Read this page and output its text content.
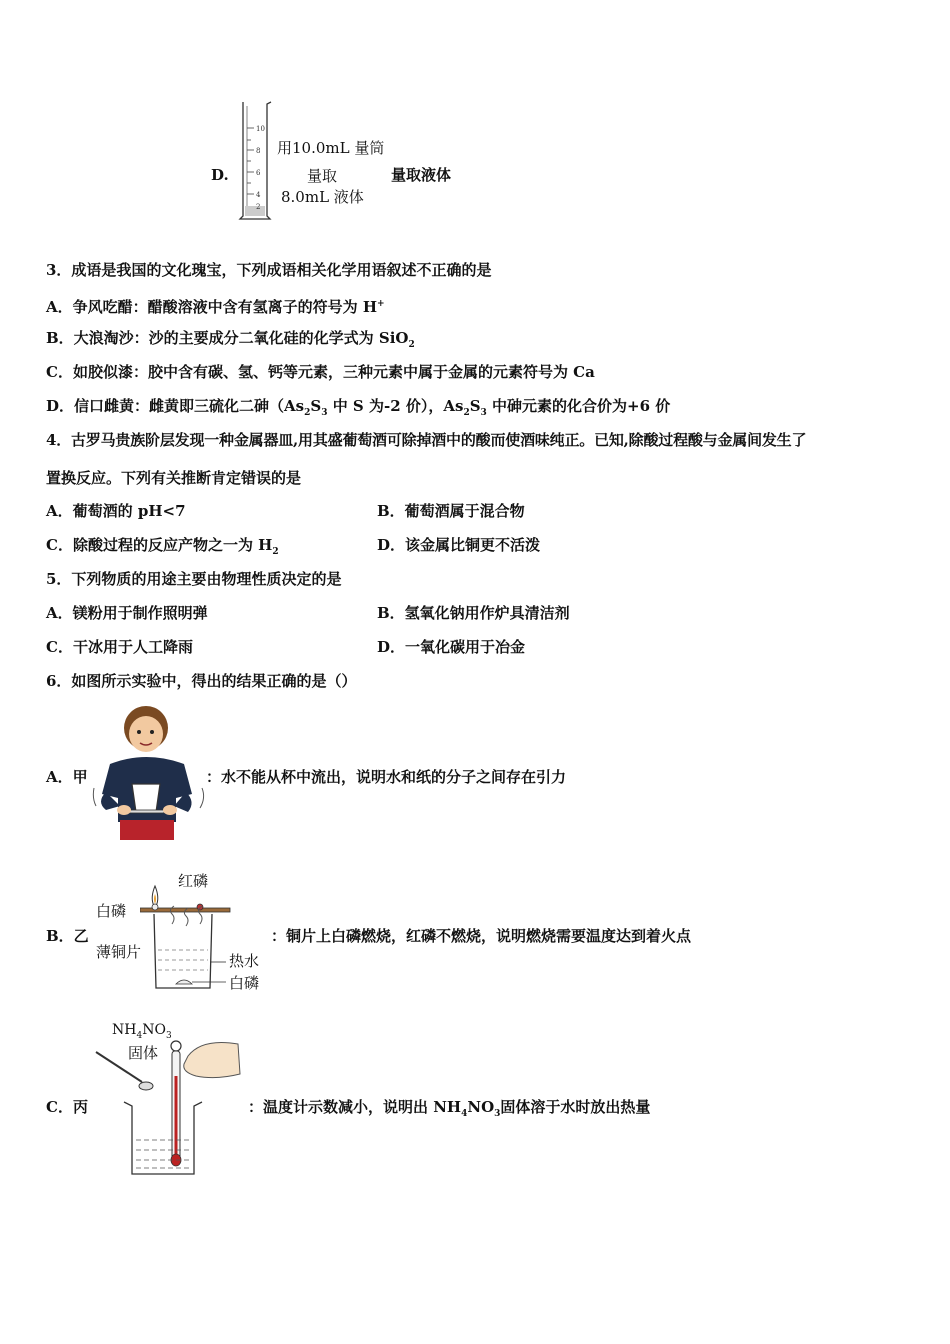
D.
10
8
6
4
2
用10.0mL 量筒
量取
8.0mL 液体
量取液体
3．成语是我国的文化瑰宝，下列成语相关化学用语叙述不正确的是
A．争风吃醋：醋酸溶液中含有氢离子的符号为 H+
B．大浪淘沙：沙的主要成分二氧化硅的化学式为 SiO$_2$
C．如胶似漆：胶中含有碳、氢、钙等元素，三种元素中属于金属的元素符号为 Ca
D．信口雌黄：雌黄即三硫化二砷（$As_2S_3$ 中 S 为-2 价），$As_2S_3$ 中砷元素的化合价为+6 价
4．古罗马贵族阶层发现一种金属器皿,用其盛葡萄酒可除掉酒中的酸而使酒味纯正。已知,除酸过程酸与金属间发生了
置换反应。下列有关推断肯定错误的是
A．葡萄酒的 pH<7	B．葡萄酒属于混合物
C．除酸过程的反应产物之一为 $H_2$	D．该金属比铜更不活泼
5．下列物质的用途主要由物理性质决定的是
A．镁粉用于制作照明弹	B．氢氧化钠用作炉具清洁剂
C．干冰用于人工降雨	D．一氧化碳用于冶金
6．如图所示实验中，得出的结果正确的是（）
A．甲	：水不能从杯中流出，说明水和纸的分子之间存在引力
B．乙
红磷
白磷
薄铜片	热水
白磷
：铜片上白磷燃烧，红磷不燃烧，说明燃烧需要温度达到着火点
C．丙
$NH_4NO_3$
固体
：温度计示数减小，说明出 $NH_4NO_3$固体溶于水时放出热量
